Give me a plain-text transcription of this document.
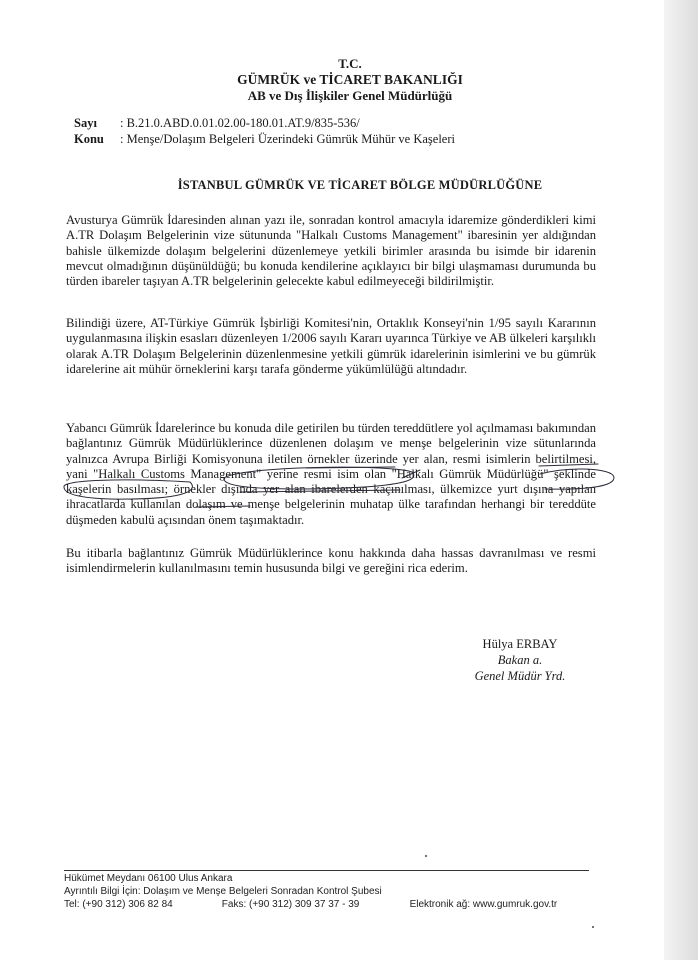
T.C.
GÜMRÜK ve TİCARET BAKANLIĞI
AB ve Dış İlişkiler Genel Müdürlüğü
Sayı	: B.21.0.ABD.0.01.02.00-180.01.AT.9/835-536/
Konu	: Menşe/Dolaşım Belgeleri Üzerindeki Gümrük Mühür ve Kaşeleri
İSTANBUL GÜMRÜK VE TİCARET BÖLGE MÜDÜRLÜĞÜNE
Avusturya Gümrük İdaresinden alınan yazı ile, sonradan kontrol amacıyla idaremize gönderdikleri kimi A.TR Dolaşım Belgelerinin vize sütununda "Halkalı Customs Management" ibaresinin yer aldığından bahisle ülkemizde dolaşım belgelerini düzenlemeye yetkili birimler arasında bu isimde bir idarenin mevcut olmadığının düşünüldüğü; bu konuda kendilerine açıklayıcı bir bilgi ulaşmaması durumunda bu türden ibareler taşıyan A.TR belgelerinin gelecekte kabul edilmeyeceği bildirilmiştir.
Bilindiği üzere, AT-Türkiye Gümrük İşbirliği Komitesi'nin, Ortaklık Konseyi'nin 1/95 sayılı Kararının uygulanmasına ilişkin esasları düzenleyen 1/2006 sayılı Kararı uyarınca Türkiye ve AB ülkeleri karşılıklı olarak A.TR Dolaşım Belgelerinin düzenlenmesine yetkili gümrük idarelerinin isimlerini ve bu gümrük idarelerine ait mühür örneklerini karşı tarafa gönderme yükümlülüğü altındadır.
Yabancı Gümrük İdarelerince bu konuda dile getirilen bu türden tereddütlere yol açılmaması bakımından bağlantınız Gümrük Müdürlüklerince düzenlenen dolaşım ve menşe belgelerinin vize sütunlarında yalnızca Avrupa Birliği Komisyonuna iletilen örnekler üzerinde yer alan, resmi isimlerin belirtilmesi, yani "Halkalı Customs Management" yerine resmi isim olan "Halkalı Gümrük Müdürlüğü" şeklinde kaşelerin basılması; örnekler dışında yer alan ibarelerden kaçınılması, ülkemizce yurt dışına yapılan ihracatlarda kullanılan dolaşım ve menşe belgelerinin muhatap ülke tarafından herhangi bir tereddüte düşmeden kabulü açısından önem taşımaktadır.
Bu itibarla bağlantınız Gümrük Müdürlüklerince konu hakkında daha hassas davranılması ve resmi isimlendirmelerin kullanılmasını temin hususunda bilgi ve gereğini rica ederim.
Hülya ERBAY
Bakan a.
Genel Müdür Yrd.
Hükümet Meydanı 06100 Ulus Ankara
Ayrıntılı Bilgi İçin: Dolaşım ve Menşe Belgeleri Sonradan Kontrol Şubesi
Tel: (+90 312) 306 82 84	Faks: (+90 312) 309 37 37 - 39	Elektronik ağ: www.gumruk.gov.tr
